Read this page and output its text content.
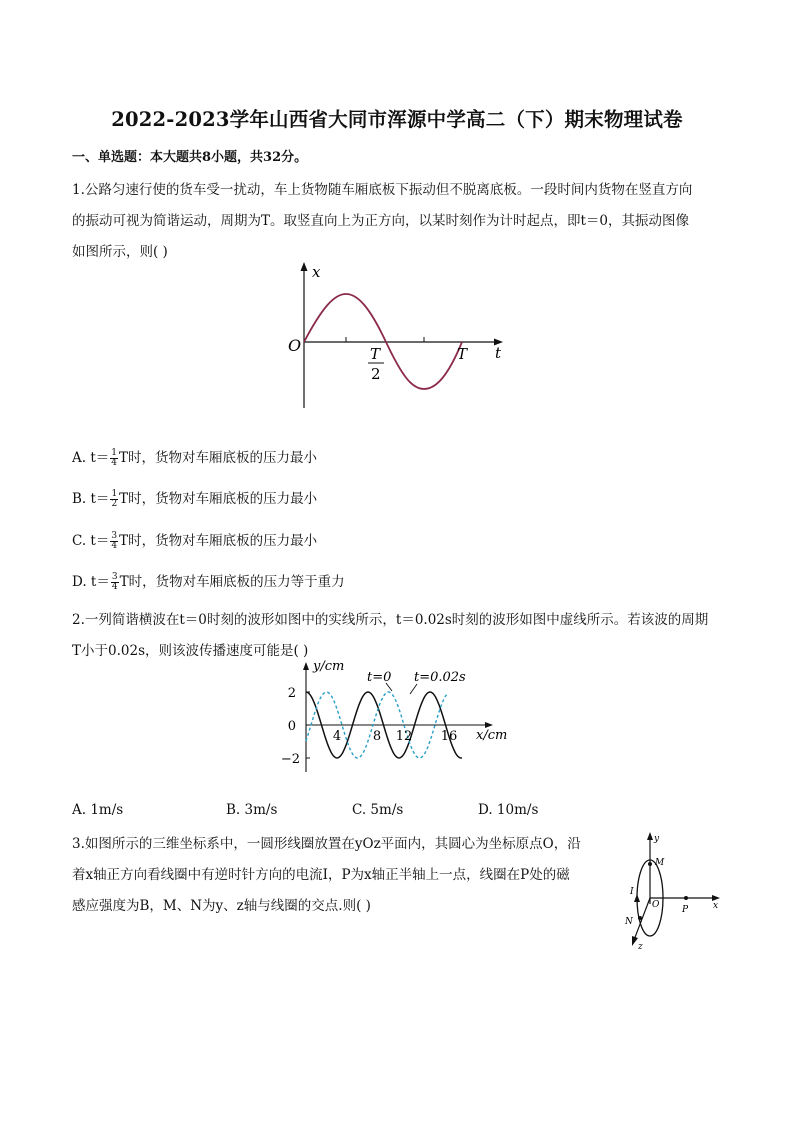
2022-2023学年山西省大同市浑源中学高二（下）期末物理试卷
一、单选题：本大题共8小题，共32分。
1.公路匀速行使的货车受一扰动，车上货物随车厢底板下振动但不脱离底板。一段时间内货物在竖直方向
的振动可视为简谐运动，周期为T。取竖直向上为正方向，以某时刻作为计时起点，即t＝0，其振动图像
如图所示，则( )
x
t
O	T
2
T
A. $t= \frac{1}{4}$ T时，货物对车厢底板的压力最小
B. $t= \frac{1}{2}$ T时，货物对车厢底板的压力最小
C. $t= \frac{3}{4}$ T时，货物对车厢底板的压力最小
D. $t= \frac{3}{4}$ T时，货物对车厢底板的压力等于重力
2.一列简谐横波在t＝0时刻的波形如图中的实线所示，t＝0.02s时刻的波形如图中虚线所示。若该波的周期
T小于0.02s，则该波传播速度可能是( )
y/cm
x/cm
2
0
−2
4 8 12 16
t=0 t=0.02s
A. 1m/s	B. 3m/s	C. 5m/s	D. 10m/s
3.如图所示的三维坐标系中，一圆形线圈放置在yOz平面内，其圆心为坐标原点O，沿
着x轴正方向看线圈中有逆时针方向的电流I，P为x轴正半轴上一点，线圈在P处的磁
感应强度为B，M、N为y、z轴与线圈的交点.则( )
y
x
z
M
N
O	P
I
